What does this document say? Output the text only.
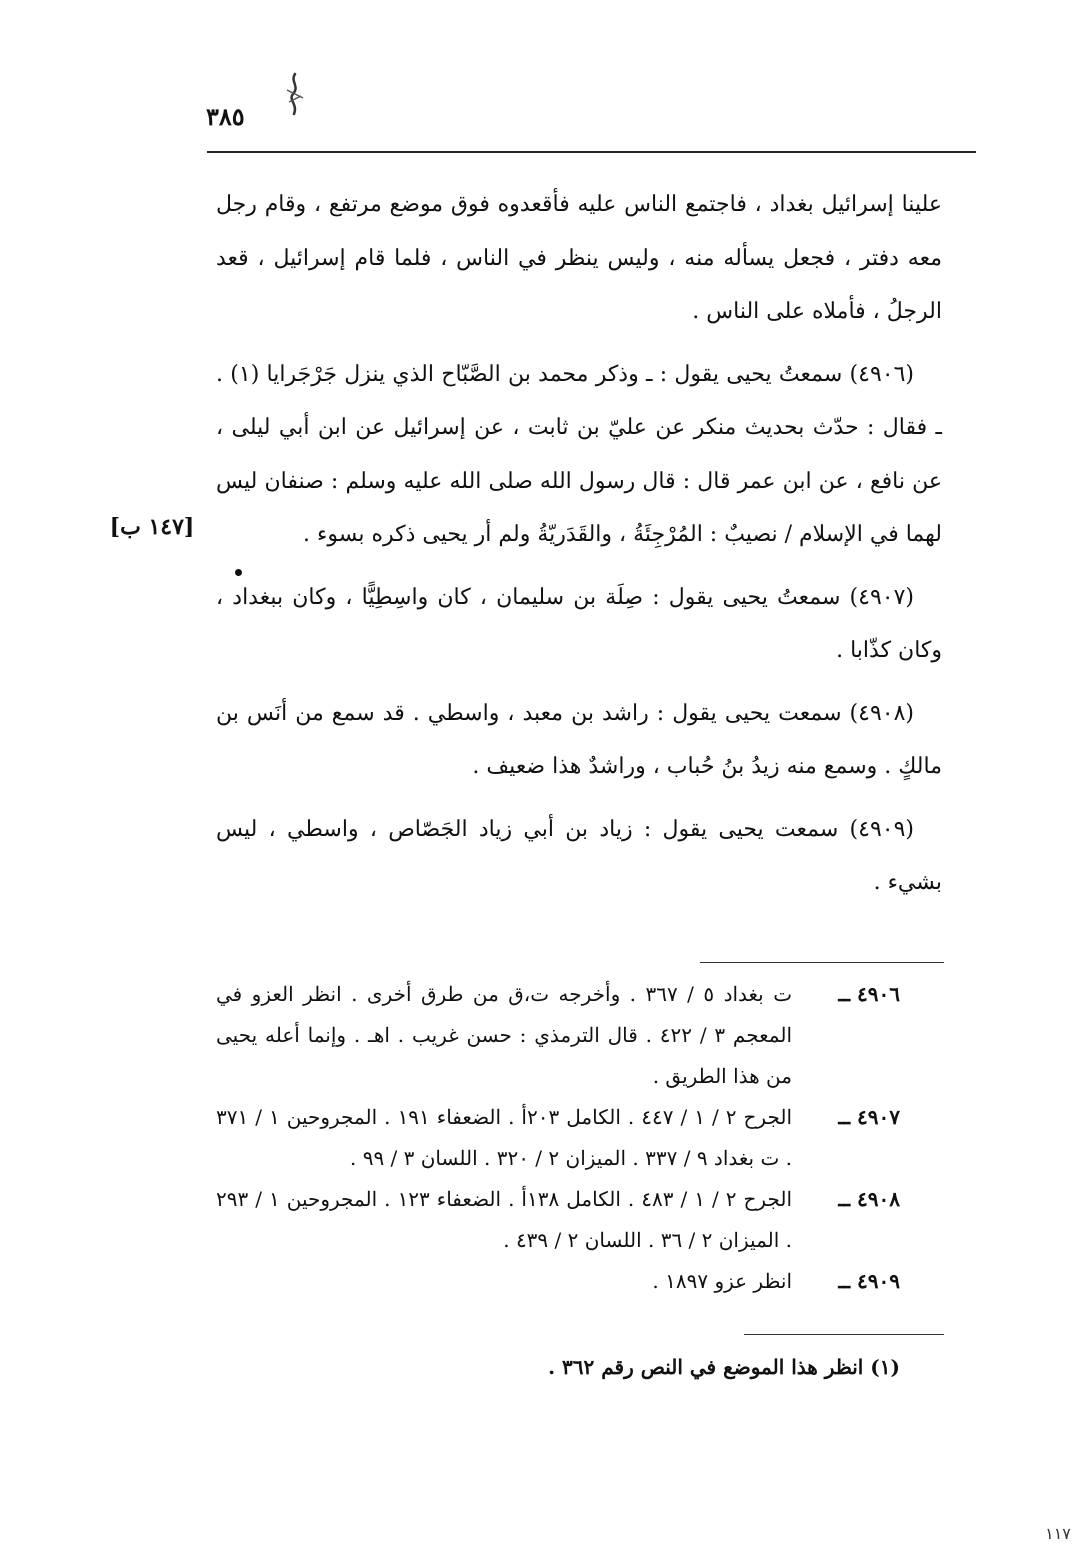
٣٨٥

علينا إسرائيل بغداد ، فاجتمع الناس عليه فأقعدوه فوق موضع مرتفع ، وقام رجل معه دفتر ، فجعل يسأله منه ، وليس ينظر في الناس ، فلما قام إسرائيل ، قعد الرجلُ ، فأملاه على الناس .

(٤٩٠٦) سمعتُ يحيى يقول : ـ وذكر محمد بن الصَّبّاح الذي ينزل جَرْجَرايا (١) . ـ فقال : حدّث بحديث منكر عن عليّ بن ثابت ، عن إسرائيل عن ابن أبي ليلى ، عن نافع ، عن ابن عمر قال : قال رسول الله صلى الله عليه وسلم : صنفان ليس لهما في الإسلام / نصيبٌ : المُرْجِئَةُ ، والقَدَريّةُ ولم أر يحيى ذكره بسوء .

(٤٩٠٧) سمعتُ يحيى يقول : صِلَة بن سليمان ، كان واسِطِيًّا ، وكان ببغداد ، وكان كذّابا .

(٤٩٠٨) سمعت يحيى يقول : راشد بن معبد ، واسطي . قد سمع من أنَس بن مالكٍ . وسمع منه زيدُ بنُ حُباب ، وراشدٌ هذا ضعيف .

(٤٩٠٩) سمعت يحيى يقول : زياد بن أبي زياد الجَصّاص ، واسطي ، ليس بشيء .

[١٤٧ ب]
٤٩٠٦ ــ
ت بغداد ٥ / ٣٦٧ . وأخرجه ت،ق من طرق أخرى . انظر العزو في المعجم ٣ / ٤٢٢ . قال الترمذي : حسن غريب . اهـ . وإنما أعله يحيى من هذا الطريق .
٤٩٠٧ ــ
الجرح ٢ / ١ / ٤٤٧ . الكامل ٢٠٣أ . الضعفاء ١٩١ . المجروحين ١ / ٣٧١ . ت بغداد ٩ / ٣٣٧ . الميزان ٢ / ٣٢٠ . اللسان ٣ / ٩٩ .
٤٩٠٨ ــ
الجرح ٢ / ١ / ٤٨٣ . الكامل ١٣٨أ . الضعفاء ١٢٣ . المجروحين ١ / ٢٩٣ . الميزان ٢ / ٣٦ . اللسان ٢ / ٤٣٩ .
٤٩٠٩ ــ
انظر عزو ١٨٩٧ .
(١) انظر هذا الموضع في النص رقم ٣٦٢ .
١١٧
